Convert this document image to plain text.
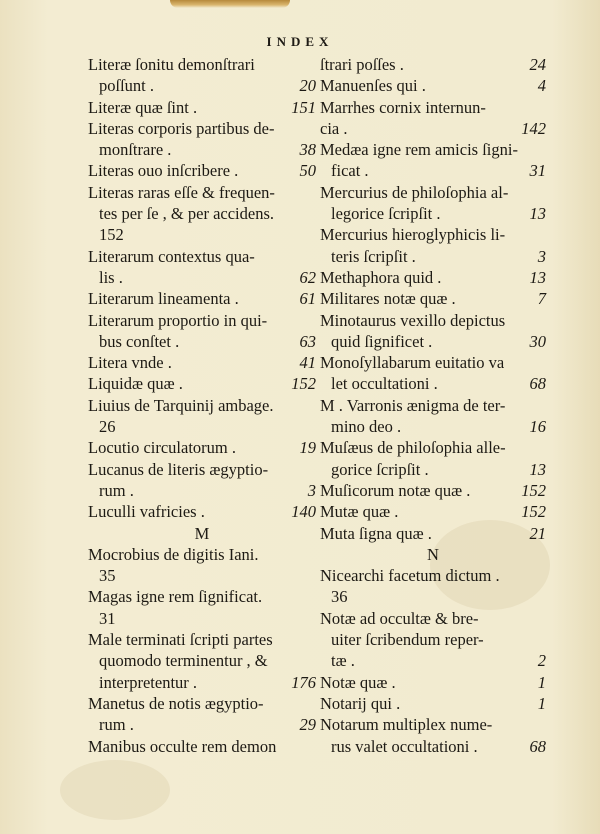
INDEX
Literæ ſonitu demonſtrari
poſſunt .	20
Literæ quæ ſint .	151
Literas corporis partibus de-
monſtrare .	38
Literas ouo inſcribere .	50
Literas raras eſſe & frequen-
tes per ſe , & per accidens.
152
Literarum contextus qua-
lis .	62
Literarum lineamenta .	61
Literarum proportio in qui-
bus conſtet .	63
Litera vnde .	41
Liquidæ quæ .	152
Liuius de Tarquinij ambage.
26
Locutio circulatorum .	19
Lucanus de literis ægyptio-
rum .	3
Luculli vafricies .	140
M
Mocrobius de digitis Iani.
35
Magas igne rem ſignificat.
31
Male terminati ſcripti partes
quomodo terminentur , &
interpretentur .	176
Manetus de notis ægyptio-
rum .	29
Manibus occulte rem demon
ſtrari poſſes .	24
Manuenſes qui .	4
Marrhes cornix internun-
cia .	142
Medæa igne rem amicis ſigni-
ficat .	31
Mercurius de philoſophia al-
legorice ſcripſit .	13
Mercurius hieroglyphicis li-
teris ſcripſit .	3
Methaphora quid .	13
Militares notæ quæ .	7
Minotaurus vexillo depictus
quid ſignificet .	30
Monoſyllabarum euitatio va
let occultationi .	68
M . Varronis ænigma de ter-
mino deo .	16
Muſæus de philoſophia alle-
gorice ſcripſit .	13
Muſicorum notæ quæ .	152
Mutæ quæ .	152
Muta ſigna quæ .	21
N
Nicearchi facetum dictum .
36
Notæ ad occultæ & bre-
uiter ſcribendum reper-
tæ .	2
Notæ quæ .	1
Notarij qui .	1
Notarum multiplex nume-
rus valet occultationi .	68
